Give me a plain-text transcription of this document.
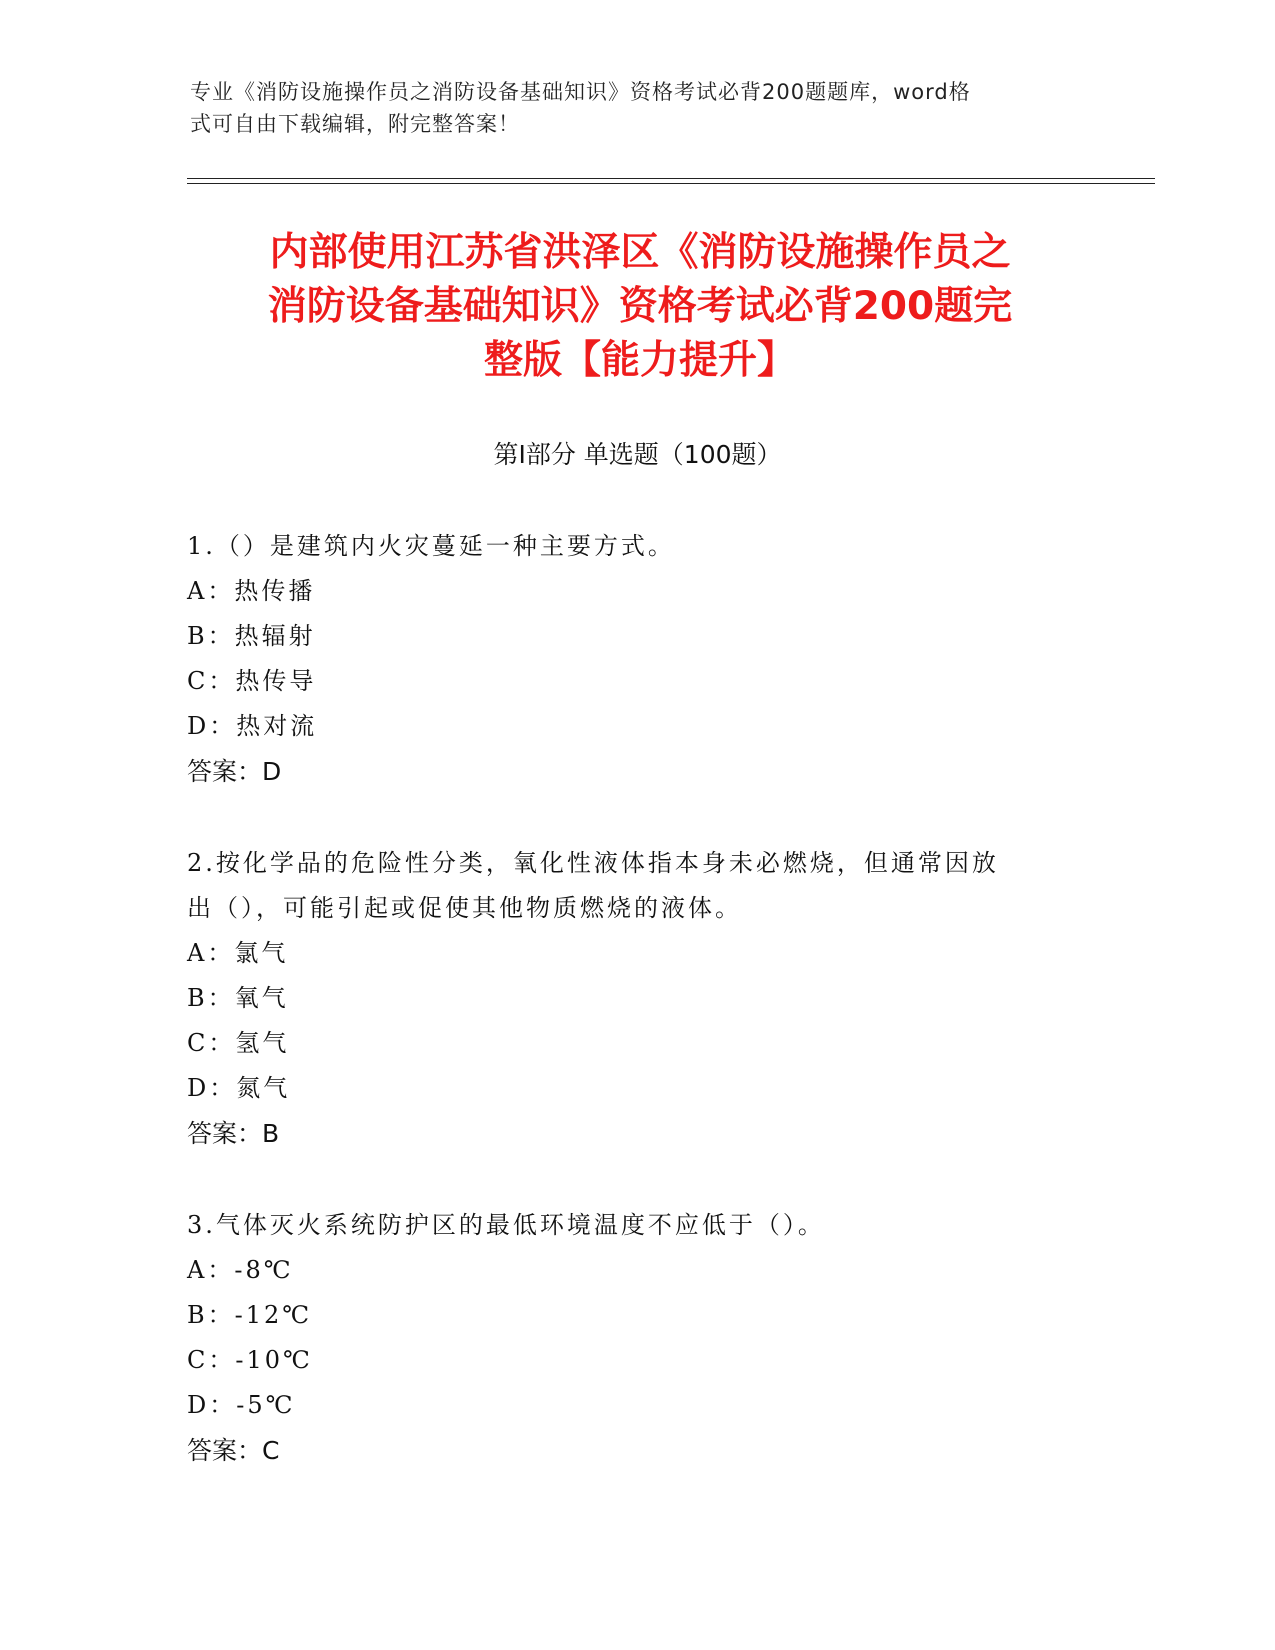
专业《消防设施操作员之消防设备基础知识》资格考试必背200题题库，word格
式可自由下载编辑，附完整答案！
内部使用江苏省洪泽区《消防设施操作员之
消防设备基础知识》资格考试必背200题完
整版【能力提升】
第Ⅰ部分 单选题（100题）
1.（）是建筑内火灾蔓延一种主要方式。
A：热传播
B：热辐射
C：热传导
D：热对流
答案：D
2.按化学品的危险性分类，氧化性液体指本身未必燃烧，但通常因放
出（），可能引起或促使其他物质燃烧的液体。
A：氯气
B：氧气
C：氢气
D：氮气
答案：B
3.气体灭火系统防护区的最低环境温度不应低于（）。
A：-8℃
B：-12℃
C：-10℃
D：-5℃
答案：C
